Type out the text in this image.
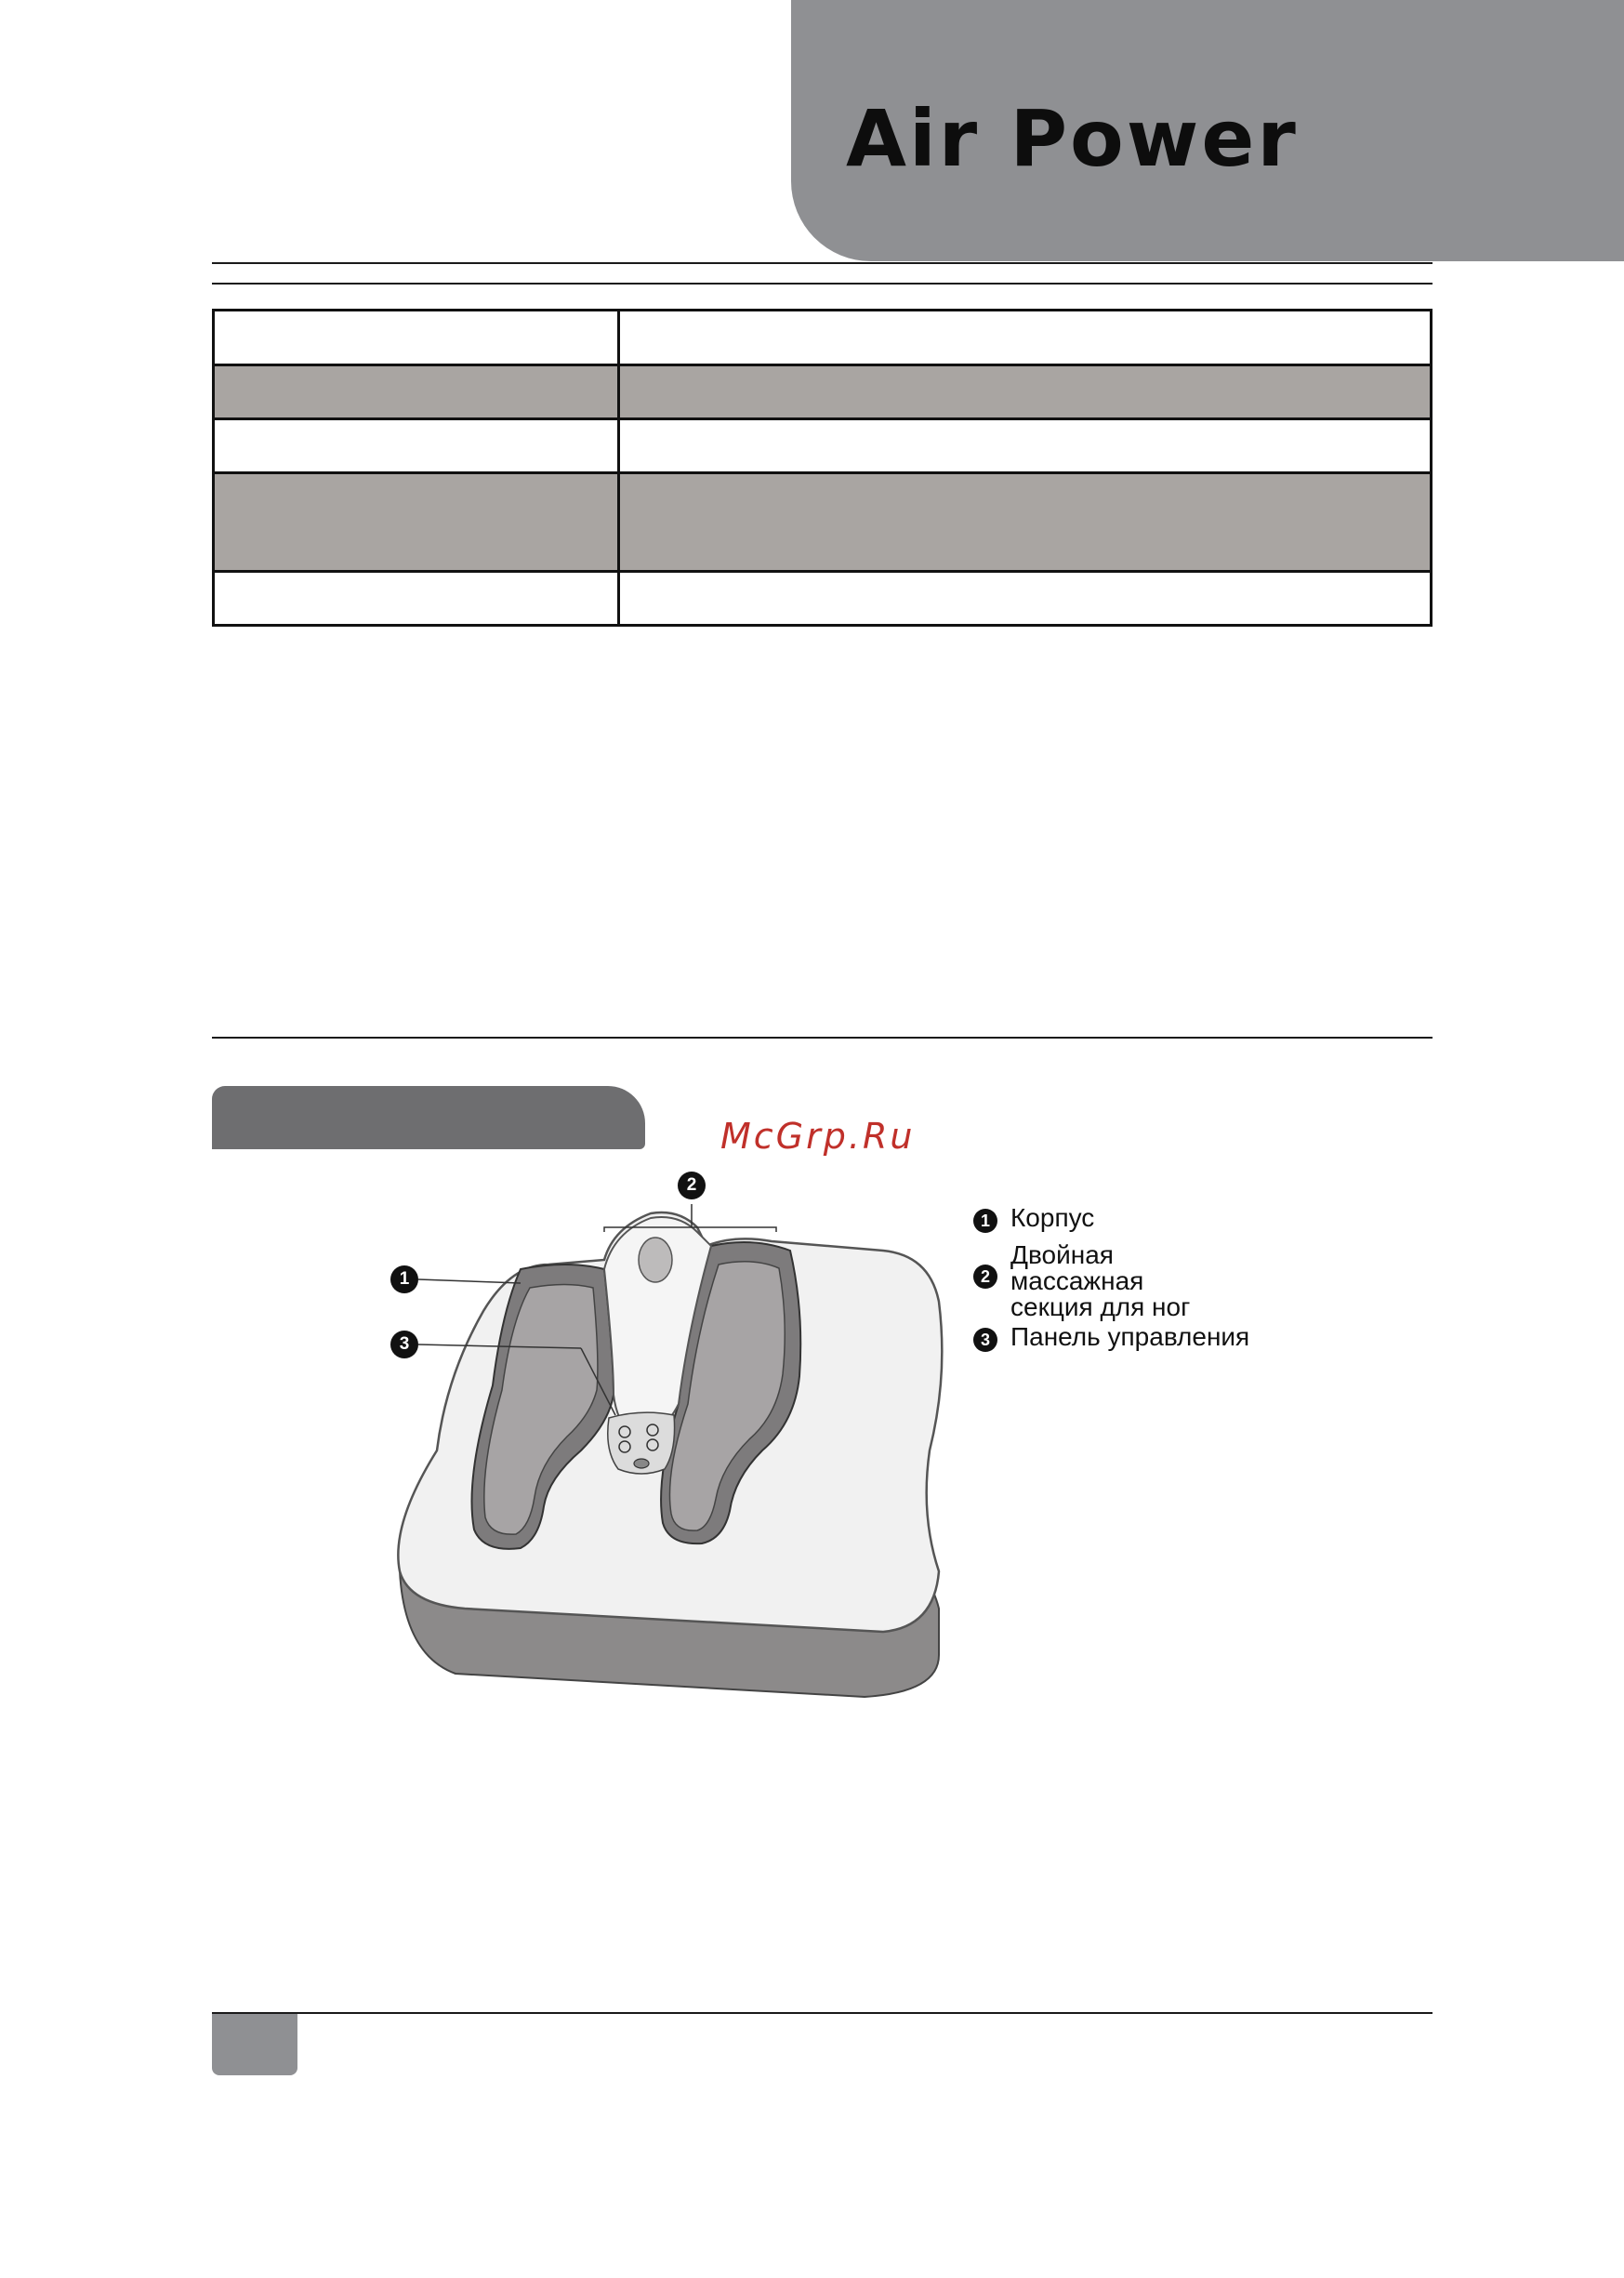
Air Power

McGrp.Ru
1
2
3
1 Корпус
2
Двойная
массажная
секция для ног
3 Панель управления
